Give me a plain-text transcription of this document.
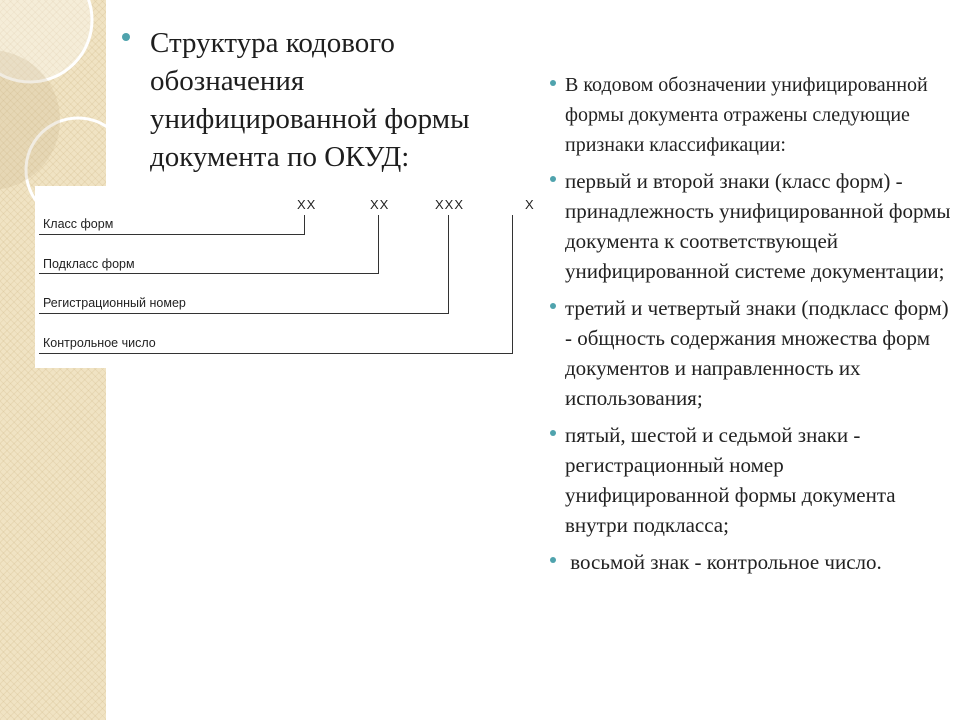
Структура кодового обозначения унифицированной формы документа по ОКУД:
ХХ	ХХ	ХХХ	Х
Класс форм
Подкласс форм
Регистрационный номер
Контрольное число
В кодовом обозначении унифицированной формы документа отражены следующие признаки классификации:
первый и второй знаки (класс форм) - принадлежность унифицированной формы документа к соответствующей унифицированной системе документации;
третий и четвертый знаки (подкласс форм) - общность содержания множества форм документов и направленность их использования;
пятый, шестой и седьмой знаки - регистрационный номер унифицированной формы документа внутри подкласса;
восьмой знак - контрольное число.
